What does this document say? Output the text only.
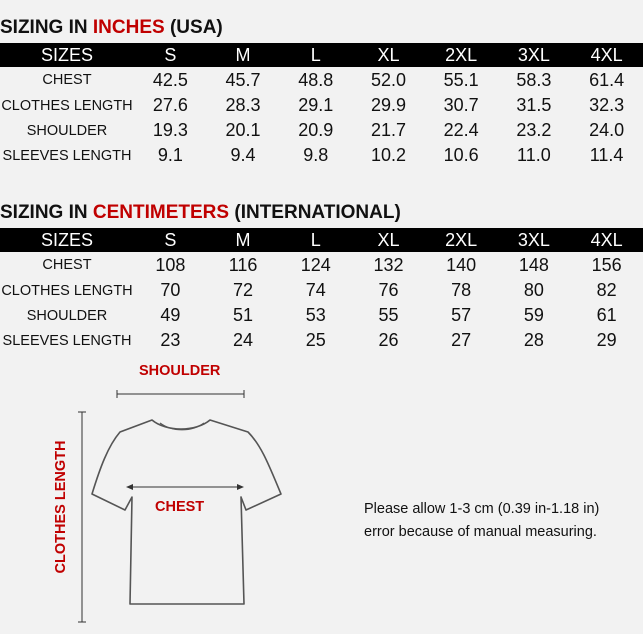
SIZING IN INCHES (USA)
SIZES	S	M	L	XL	2XL	3XL	4XL
CHEST	42.5	45.7	48.8	52.0	55.1	58.3	61.4
CLOTHES LENGTH	27.6	28.3	29.1	29.9	30.7	31.5	32.3
SHOULDER	19.3	20.1	20.9	21.7	22.4	23.2	24.0
SLEEVES LENGTH	9.1	9.4	9.8	10.2	10.6	11.0	11.4
SIZING IN CENTIMETERS (INTERNATIONAL)
SIZES	S	M	L	XL	2XL	3XL	4XL
CHEST	108	116	124	132	140	148	156
CLOTHES LENGTH	70	72	74	76	78	80	82
SHOULDER	49	51	53	55	57	59	61
SLEEVES LENGTH	23	24	25	26	27	28	29
SHOULDER
CHEST
CLOTHES LENGTH	Please allow 1-3 cm (0.39 in-1.18 in)
error because of manual measuring.
